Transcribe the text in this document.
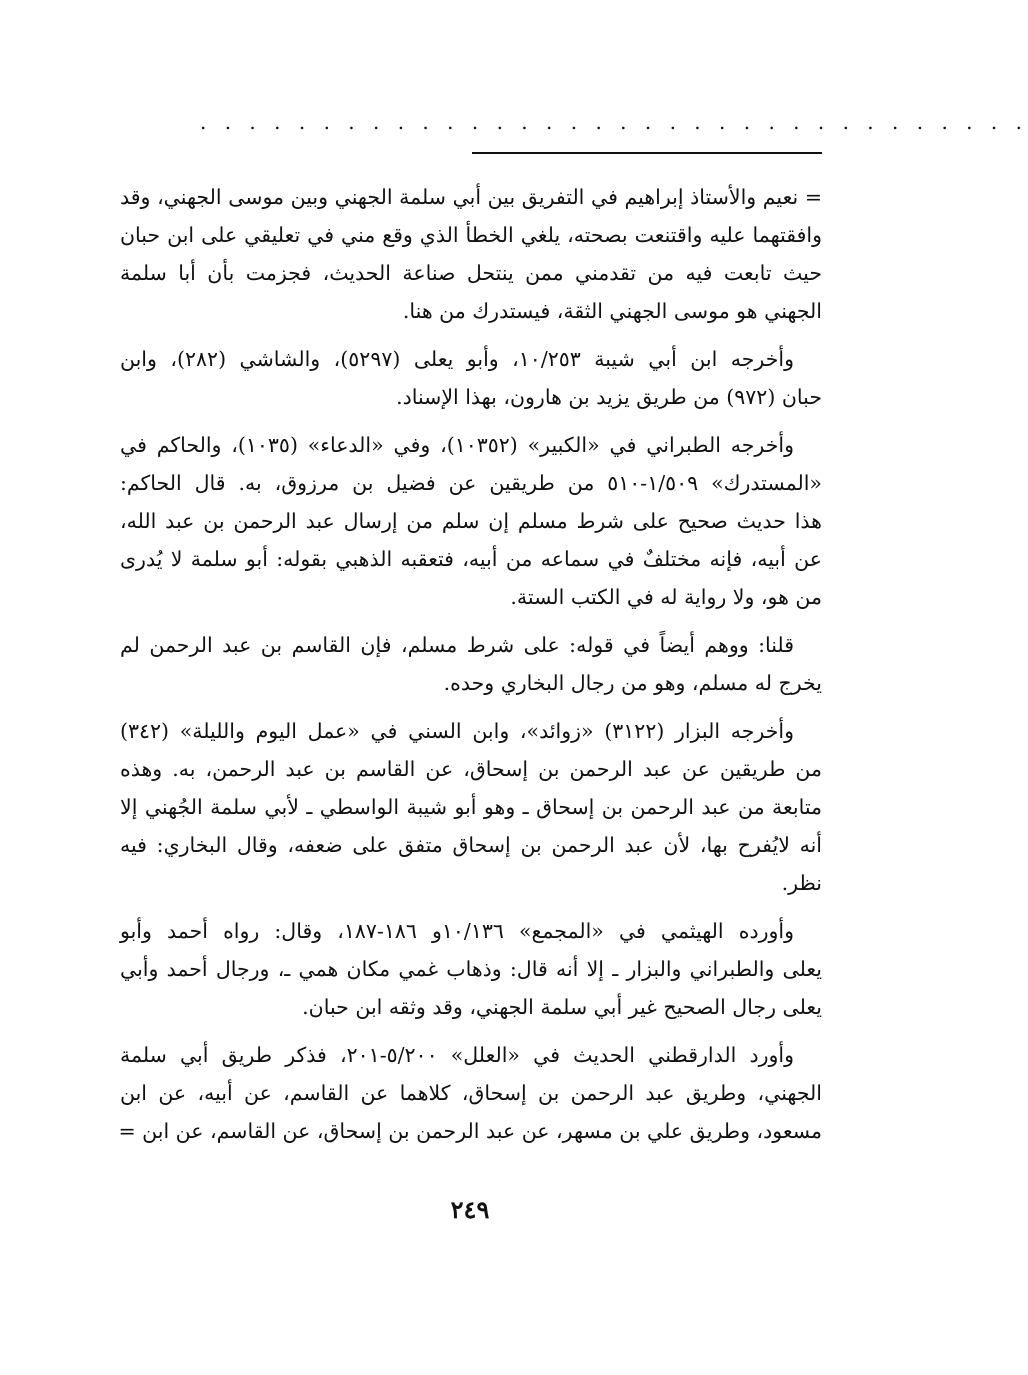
. . . . . . . . . . . . . . . . . . . . . . . . . . . . . . . . . .
= نعيم والأستاذ إبراهيم في التفريق بين أبي سلمة الجهني وبين موسى الجهني، وقد
وافقتهما عليه واقتنعت بصحته، يلغي الخطأ الذي وقع مني في تعليقي على ابن حبان
حيث تابعت فيه من تقدمني ممن ينتحل صناعة الحديث، فجزمت بأن أبا سلمة
الجهني هو موسى الجهني الثقة، فيستدرك من هنا.
وأخرجه ابن أبي شيبة ١٠/٢٥٣، وأبو يعلى (٥٢٩٧)، والشاشي (٢٨٢)، وابن
حبان (٩٧٢) من طريق يزيد بن هارون، بهذا الإسناد.
وأخرجه الطبراني في «الكبير» (١٠٣٥٢)، وفي «الدعاء» (١٠٣٥)، والحاكم في
«المستدرك» ١/٥٠٩-٥١٠ من طريقين عن فضيل بن مرزوق، به. قال الحاكم:
هذا حديث صحيح على شرط مسلم إن سلم من إرسال عبد الرحمن بن عبد الله،
عن أبيه، فإنه مختلفٌ في سماعه من أبيه، فتعقبه الذهبي بقوله: أبو سلمة لا يُدرى
من هو، ولا رواية له في الكتب الستة.
قلنا: ووهم أيضاً في قوله: على شرط مسلم، فإن القاسم بن عبد الرحمن لم
يخرج له مسلم، وهو من رجال البخاري وحده.
وأخرجه البزار (٣١٢٢) «زوائد»، وابن السني في «عمل اليوم والليلة» (٣٤٢)
من طريقين عن عبد الرحمن بن إسحاق، عن القاسم بن عبد الرحمن، به. وهذه
متابعة من عبد الرحمن بن إسحاق ـ وهو أبو شيبة الواسطي ـ لأبي سلمة الجُهني إلا
أنه لايُفرح بها، لأن عبد الرحمن بن إسحاق متفق على ضعفه، وقال البخاري: فيه
نظر.
وأورده الهيثمي في «المجمع» ١٠/١٣٦و ١٨٦-١٨٧، وقال: رواه أحمد وأبو
يعلى والطبراني والبزار ـ إلا أنه قال: وذهاب غمي مكان همي ـ، ورجال أحمد وأبي
يعلى رجال الصحيح غير أبي سلمة الجهني، وقد وثقه ابن حبان.
وأورد الدارقطني الحديث في «العلل» ٥/٢٠٠-٢٠١، فذكر طريق أبي سلمة
الجهني، وطريق عبد الرحمن بن إسحاق، كلاهما عن القاسم، عن أبيه، عن ابن
مسعود، وطريق علي بن مسهر، عن عبد الرحمن بن إسحاق، عن القاسم، عن ابن =
٢٤٩
